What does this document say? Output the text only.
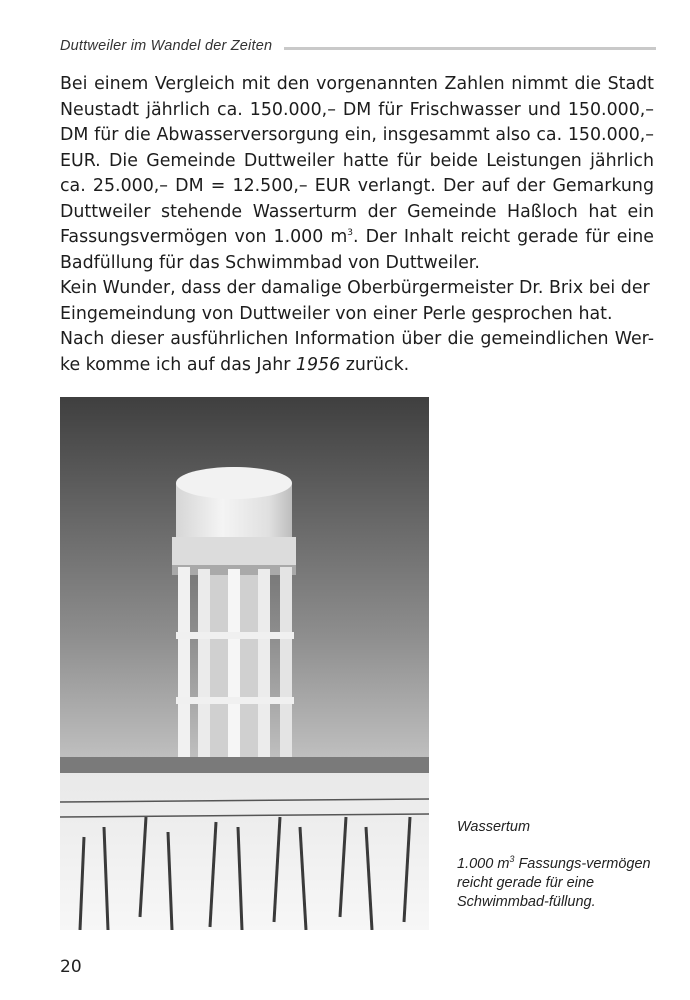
Duttweiler im Wandel der Zeiten

Bei einem Vergleich mit den vorgenannten Zahlen nimmt die Stadt Neustadt jährlich ca. 150.000,– DM für Frischwasser und 150.000,– DM für die Abwasserversorgung ein, insgesammt also ca. 150.000,– EUR. Die Gemeinde Duttweiler hatte für beide Leistungen jährlich ca. 25.000,– DM = 12.500,– EUR verlangt. Der auf der Gemarkung Duttweiler stehende Wasserturm der Gemeinde Haßloch hat ein Fassungsvermögen von 1.000 $m^3$. Der Inhalt reicht gerade für eine Badfüllung für das Schwimmbad von Duttweiler.

Kein Wunder, dass der damalige Oberbürgermeister Dr. Brix bei der Eingemeindung von Duttweiler von einer Perle gesprochen hat.

Nach dieser ausführlichen Information über die gemeindlichen Wer-ke komme ich auf das Jahr 1956 zurück.

Wassertum

1.000 $m^3$ Fassungs-vermögen reicht gerade für eine Schwimmbad-füllung.

20
